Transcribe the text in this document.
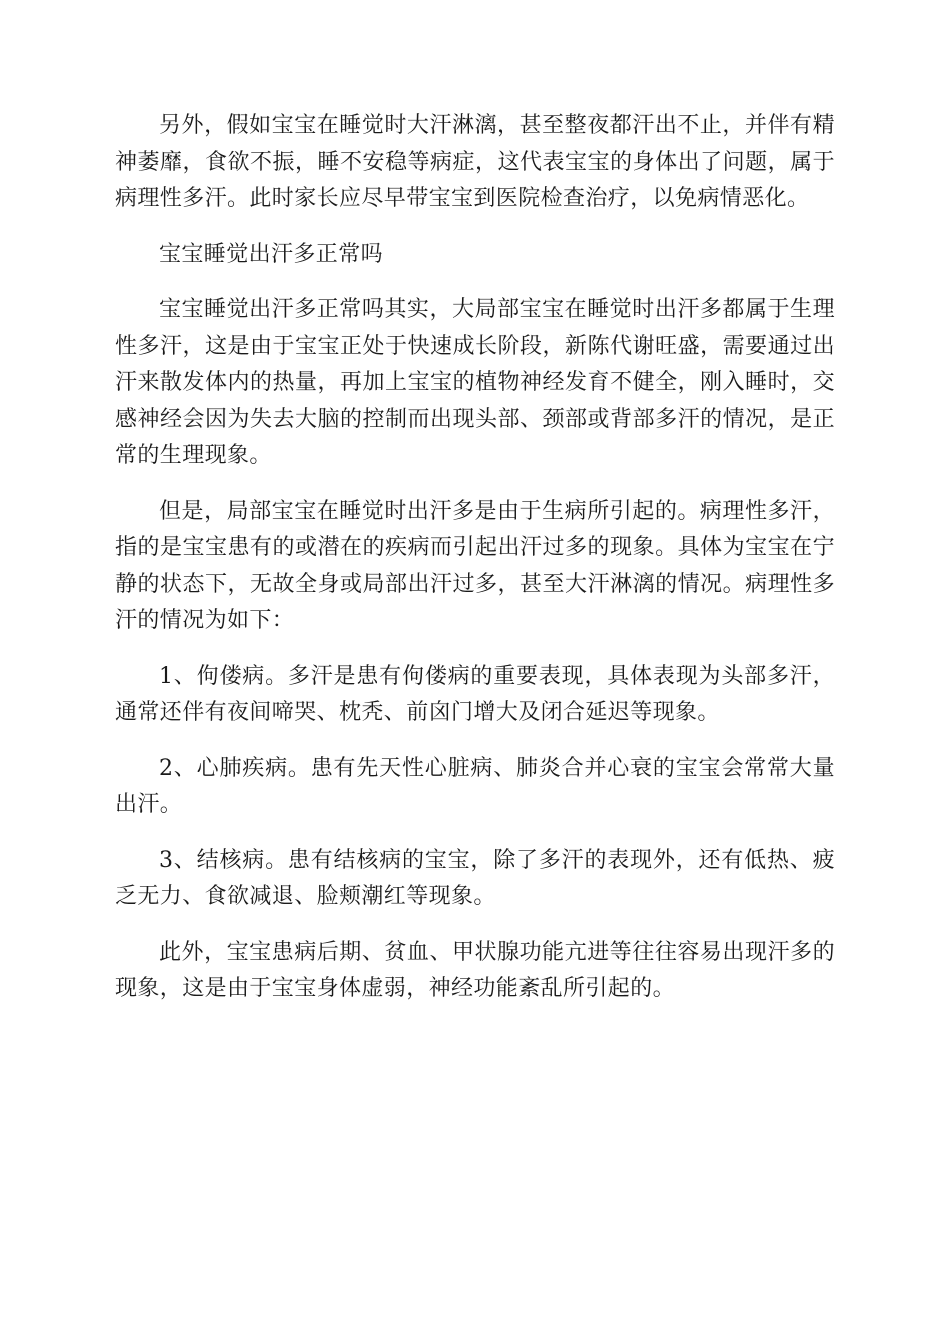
另外，假如宝宝在睡觉时大汗淋漓，甚至整夜都汗出不止，并伴有精神萎靡，食欲不振，睡不安稳等病症，这代表宝宝的身体出了问题，属于病理性多汗。此时家长应尽早带宝宝到医院检查治疗，以免病情恶化。

宝宝睡觉出汗多正常吗

宝宝睡觉出汗多正常吗其实，大局部宝宝在睡觉时出汗多都属于生理性多汗，这是由于宝宝正处于快速成长阶段，新陈代谢旺盛，需要通过出汗来散发体内的热量，再加上宝宝的植物神经发育不健全，刚入睡时，交感神经会因为失去大脑的控制而出现头部、颈部或背部多汗的情况，是正常的生理现象。

但是，局部宝宝在睡觉时出汗多是由于生病所引起的。病理性多汗，指的是宝宝患有的或潜在的疾病而引起出汗过多的现象。具体为宝宝在宁静的状态下，无故全身或局部出汗过多，甚至大汗淋漓的情况。病理性多汗的情况为如下：

1、佝偻病。多汗是患有佝偻病的重要表现，具体表现为头部多汗，通常还伴有夜间啼哭、枕秃、前囟门增大及闭合延迟等现象。

2、心肺疾病。患有先天性心脏病、肺炎合并心衰的宝宝会常常大量出汗。

3、结核病。患有结核病的宝宝，除了多汗的表现外，还有低热、疲乏无力、食欲减退、脸颊潮红等现象。

此外，宝宝患病后期、贫血、甲状腺功能亢进等往往容易出现汗多的现象，这是由于宝宝身体虚弱，神经功能紊乱所引起的。
